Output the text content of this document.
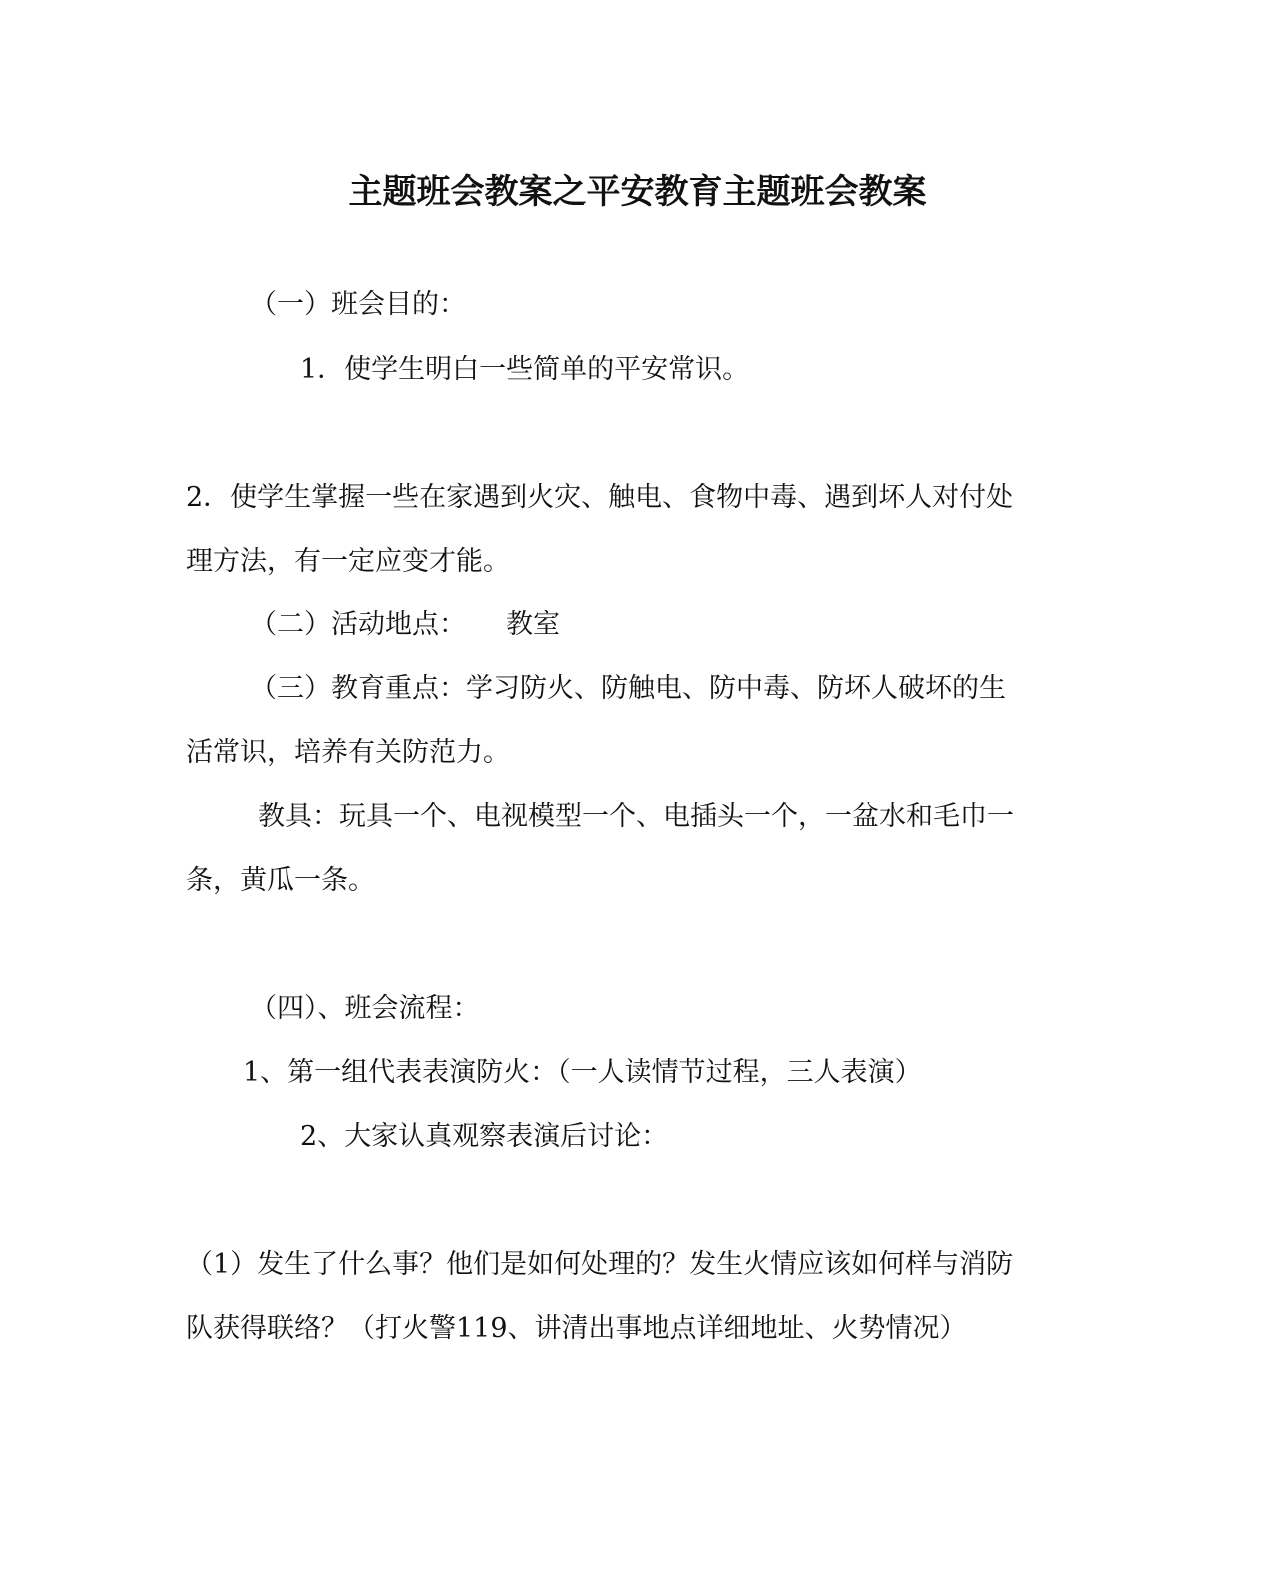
主题班会教案之平安教育主题班会教案
（一）班会目的：
1．使学生明白一些简单的平安常识。
2．使学生掌握一些在家遇到火灾、触电、食物中毒、遇到坏人对付处
理方法，有一定应变才能。
（二）活动地点： 教室
（三）教育重点：学习防火、防触电、防中毒、防坏人破坏的生
活常识，培养有关防范力。
教具：玩具一个、电视模型一个、电插头一个，一盆水和毛巾一
条，黄瓜一条。
（四）、班会流程：
1、第一组代表表演防火：（一人读情节过程，三人表演）
2、大家认真观察表演后讨论：
（1）发生了什么事？他们是如何处理的？发生火情应该如何样与消防
队获得联络？（打火警119、讲清出事地点详细地址、火势情况）
